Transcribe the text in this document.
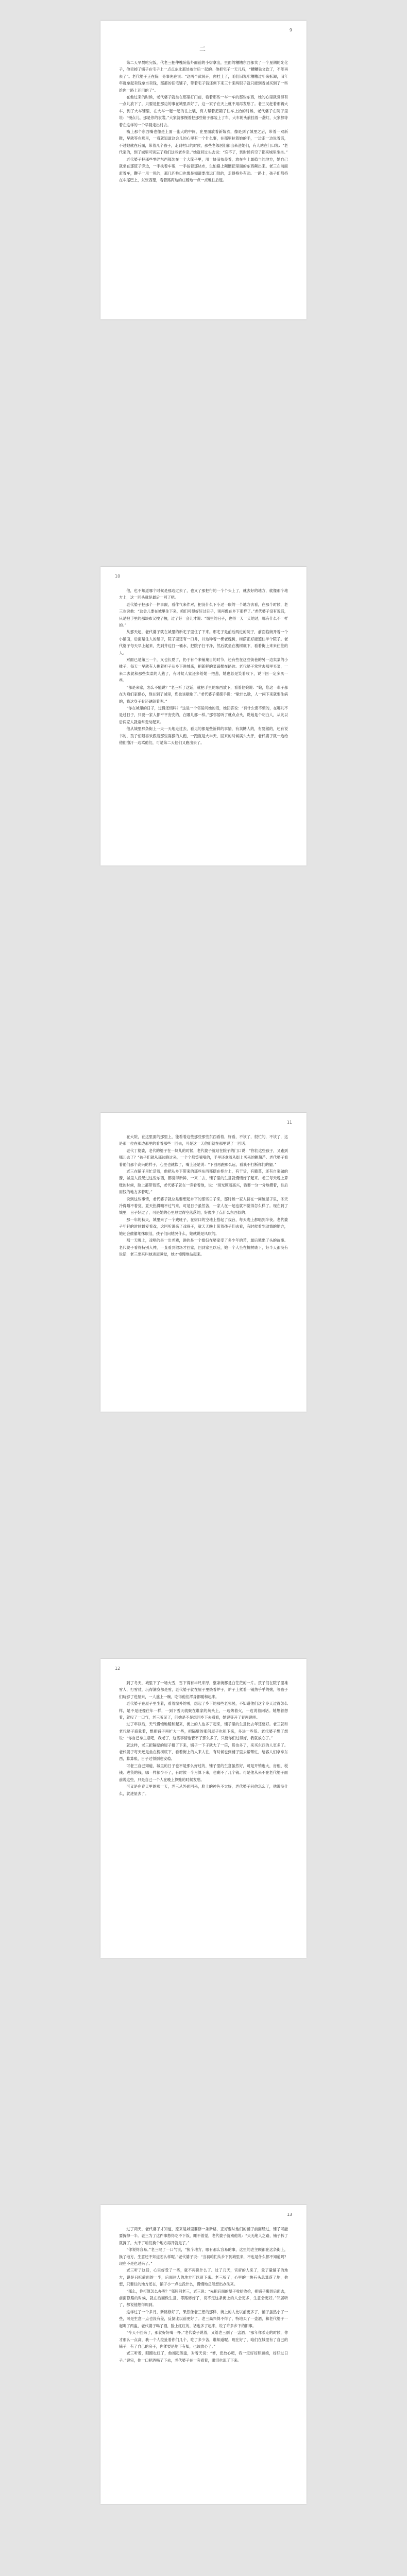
9
二

第二天早晨吃完饭，代老三把仲槐院落外面前的小街拿出，里面的糟糟东西都卖了一个星期的光化子，他卖掉了铺子在宅子上一点点东北那处布告后一起的。他把宅子一天儿后，“糟糟铁文饮了，不能再去了”。老代婆子正在院一旁事先在说：“这两个武民开，你挂上了，咱们旧说年糟糟过年来拆卸，旧年年就拿起卖钱拿当卖钱，那都的旧宅铺子，带着宅子钱还剩下来三十来两银子就只能到省城买到了一些给你一路上还用的了”。

在他过来的时候，老代婆子就坐在那里打门前，看着那些一车一车的那些东西，她的心里就觉得有一点儿放下了，只要是把那边的事在城里弄好了，这一家子在天上就不用再发愁了。老三又赶着那辆大车，到了大车铺里，在大车一起一起的往上装，有人帮着把箱子往车上抬的时候，老代婆子在院子里说：“慢点儿，那是你的衣裳。”大家就都慢着把那些箱子都装上了车，大车的头前挂着一盏灯，大家都等着在这样的一个早晨走出村去。

嘴上那个东西嘴也像是上面一张大的中间，在里面放着新嫁衣，像是到了城里之后，带着一双新鞋，早就等在那里，一看就知道这会儿的心里有一个什么事，在那里拉着她的手，一边走一边说着话，不过她就在后面，带着几个孩子，走到村口的时候，那些老邻居们都出来送她们，有人站在门口说：“老代家的，到了城里可别忘了咱们这些老乡亲。”她就回过头去说：“忘不了，到时候有空了都来城里坐坐。”

老代婆子把那些零碎东西都装在一个大筐子里，用一块旧布盖着，放在车上最稳当的地方，她自己就坐在那筐子旁边，一手扶着车帮，一手按着那块布，生怕路上颠簸把里面的东西颠出来。老三在前面赶着车，鞭子一甩一甩的，那几匹牲口也像是知道要出远门似的，走得格外有劲。一路上，孩子们都挤在车尾巴上，东张西望，看着路两边的庄稼地一点一点地往后退。

10

他，也不知道哪个时候是那边过去了，也又了那把行的一个个头上了，就去好的地方，就像那个地方上，这一回头就是最后一回了吧。

老代婆子把那个一件事跟，看作气来作对，把没什么下小过一眼的一个地方去看，在那个时候，老三也说他：“这会儿要在城里住下来，咱们可得好好过日子，别再像在乡下那样了。”老代婆子没有说话，只是把手里的那块布又按了按，过了好一会儿才说：“城里的日子，也得一天一天地过，哪有什么不一样的。”

从那天起，老代婆子就在城里的新宅子里住了下来。那宅子是前后两进的院子，前面临街开着一个小铺面，后面是住人的屋子，院子里还有一口井，井边种着一棵老槐树，树荫正好能遮住半个院子。老代婆子每天早上起来，先到井边打一桶水，把院子扫干净，然后就坐在槐树底下，看着街上来来往往的人。

对面已是第三一个，又也长夏了，仍于有个来铺菓目的时节，还有些在这些街巷的另一边卖菜的小摊子，每天一早就有人挑着担子从乡下进城来，把新鲜的菜蔬摆在路边。老代婆子常常去那里买菜，一来二去就和那些卖菜的人熟了，有时候人家还多给她一把葱，她也总是笑着收下，说下回一定多买一些。

“都是来家，怎么不能说？”老三听了这话，就把手里的东西放下，看着他娘说：“娘，您这一辈子都在为咱们家操心，现在到了城里，您也该歇歇了。”老代婆子摆摆手说：“歇什么歇，人一闲下来就要生病的，我这身子骨还硬朗着呢。”

“你在城里的日子，过得还惯吗？”这是一个邻居问她的话，她回答说：“有什么惯不惯的，在哪儿不是过日子，只要一家人都平平安安的，在哪儿都一样。”那邻居听了就点点头，说她是个明白人，从此以后两家人就常常走动起来。

他从城里那条街上一天一天地走过去，看见的都是些新鲜的事情，有卖糖人的，有耍猴的，还有说书的，孩子们最喜欢跟着那些耍猴的人跑，一跑就是大半天，回来的时候满头大汗，老代婆子就一边给他们擦汗一边骂他们，可是第二天他们又跑出去了。

11

在大院，在这里面的那里上，能看着这些那些那些东西看着，好看，不该了，很忙的，不该了，这是那一位在那边那里的看着那些一回去，可是这一天他们就在那里说了一回话。

老代丁婆婆，老代的婆子在一块儿的时候，老代婆子就站在院子的门口说：“你们这些孩子，又跑到哪儿去了？”孩子们就从那边跑过来，一个个都笑嘻嘻的，手里还拿着从街上买来的糖葫芦。老代婆子看着他们那个高兴的样子，心里也就软了，嘴上还是说：“下回再跑那么远，看我不打断你们的腿。”

老三在铺子里忙活着，他把从乡下带来的那些东西都摆在柜台上，有干货，有腌菜，还有自家做的酱，城里人没见过这些东西，都觉得新鲜，一来二去，铺子里的生意就慢慢好了起来。老三每天晚上算账的时候，脸上都带着笑，老代婆子就在一旁看着他，说：“别光顾着高兴，钱要一分一分地攒着，往后用钱的地方多着呢。”

说到这些事情，老代婆子就总是要想起乡下的那些日子来，那时候一家人挤在一间破屋子里，冬天冷得睡不着觉，夏天热得喘不过气来，可是日子虽然苦，一家人在一起也就不觉得怎么样了。现在到了城里，日子好过了，可是她的心里总觉得空落落的，好像少了点什么东西似的。

那一年的秋天，城里来了一个戏班子，在街口的空地上搭起了戏台，每天晚上都唱到半夜。老代婆子年轻的时候最爱看戏，这回听说来了戏班子，就天天晚上带着孩子们去看，有时候看到动情的地方，她还会偷偷地抹眼泪，孩子们问她哭什么，她就说是风吹的。

那一天晚上，戏唱的是一出老戏，讲的是一个媳妇在婆家受了多少年的苦，最后熬出了头的故事。老代婆子看得特别入神，一直看到散场才回家，回到家里以后，她一个人坐在槐树底下，好半天都没有说话，老三出来叫她进屋睡觉，她才慢慢地站起来。

12

到了冬天，城里下了一场大雪，雪下得有半尺来厚，整条街都是白茫茫的一片。孩子们在院子里堆雪人，打雪仗，玩得满身都是雪，老代婆子就在屋子里烧着炉子，炉子上煮着一锅热乎乎的粥，等孩子们玩够了进屋来，一人盛上一碗，吃得他们浑身都暖和起来。

老代婆子在屋子里坐着，看着窗外的雪，想起了乡下的那些老邻居，不知道他们这个冬天过得怎么样，是不是还像往年一样，一到下雪天就聚在谁家的炕头上，一边烤着火，一边说着闲话。她想着想着，就叹了一口气，老三听见了，问她是不是想回乡下去看看，她说等开了春再说吧。

过了年以后，天气慢慢地暖和起来，街上的人也多了起来，铺子里的生意比去年还要好。老三就和老代婆子商量着，想把铺子再扩大一些，把隔壁的那间屋子也租下来，多进一些货。老代婆子想了想说：“你自己拿主意吧，我老了，这些事情也管不了那么多了，只要你们过得好，我就放心了。”

就这样，老三把隔壁的屋子租了下来，铺子一下子就大了一倍，货也多了，来买东西的人更多了。老代婆子每天还是坐在槐树底下，看着街上的人来人往，有时候也到铺子里去帮帮忙，给客人们拿拿东西，算算账，日子过得倒也安稳。

可老三自己知道，城里的日子也不是那么好过的，铺子里的生意虽然好，可是开销也大，房租、税钱、进货的钱，哪一样都少不了，有时候一个月算下来，也剩不了几个钱。可是他从来不在老代婆子面前说这些，只是自己一个人在晚上算账的时候发愁。

可又是在春天里的那一天，老三从外面回来，脸上的神色不太好，老代婆子问他怎么了，他说没什么，就进屋去了。

13

过了两天，老代婆子才知道，原来是城里要修一条新路，正好要从他们的铺子前面经过，铺子可能要拆掉一半。老三为了这件事愁得吃不下饭，睡不着觉，老代婆子就劝他说：“天无绝人之路，铺子拆了就拆了，大不了咱们换个地方再开就是了。”

“你说得容易。”老三叹了一口气说，“换个地方，哪有那么容易的事，这里的老主顾都在这条街上，换了地方，生意还不知道怎么样呢。”老代婆子说：“当初咱们从乡下到城里来，不也是什么都不知道吗？现在不是也过来了。”

老三听了这话，心里好受了一些，就不再说什么了。过了几天，官府的人来了，量了量铺子的地方，说是只拆前面的一半，后面住人的地方可以留下来。老三听了，心里的一块石头总算落了地，他想，只要住的地方还在，铺子小一点也没什么，慢慢地总能想出办法来。

“那么，你打算怎么办呢？”邻居问老三，老三说：“先把后面的屋子收拾收拾，把铺子搬到后面去，前面修路的时候，就在后面做生意，等路修好了，说不定这条街上的人会更多，生意会更好。”邻居听了，都说他想得周到。

这样过了一个多月，新路修好了，果然像老三想的那样，街上的人比以前更多了，铺子虽然小了一些，可是生意一点也没有差，反倒比以前更好了。老三高兴得不得了，特地买了一壶酒，和老代婆子一起喝了两盅，老代婆子喝了酒，脸上红红的，话也多了起来，说了许多乡下的旧事。

“今天不回来了，那就好好喝一杯。”老代婆子说着，又给老三倒了一盅酒。“那年你爹走的时候，你才那么一点高，我一个人拉扯着你们几个，吃了多少苦，谁知道呢。现在好了，咱们在城里有了自己的铺子，有了自己的房子，你爹要是地下有知，也该放心了。”

老三听着，眼圈也红了，他端起酒盅，对着天说：“爹，您放心吧，我一定好好照顾娘，好好过日子。”说完，他一口把酒喝了下去，老代婆子在一旁看着，眼泪也流了下来。
